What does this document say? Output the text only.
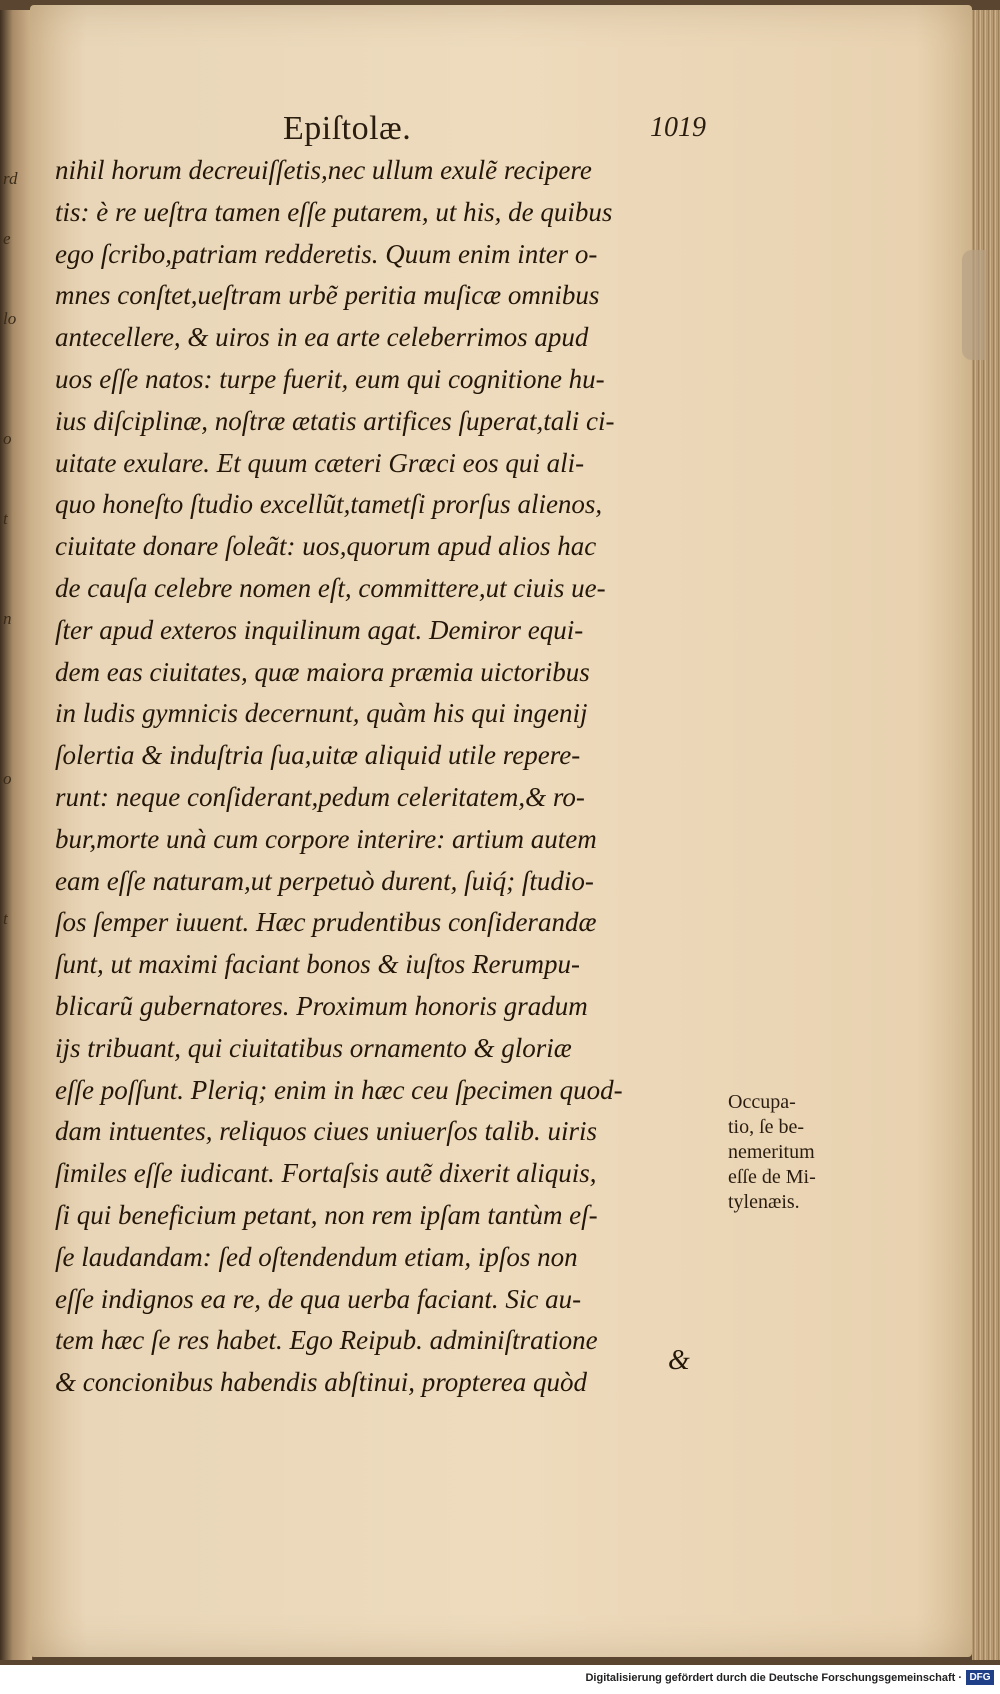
rd
e
lo
o
t
n
o
t
Epiſtolæ.	1019
nihil horum decreuiſſetis,nec ullum exulẽ recipere
tis: è re ueſtra tamen eſſe putarem, ut his, de quibus
ego ſcribo,patriam redderetis. Quum enim inter o-
mnes conſtet,ueſtram urbẽ peritia muſicæ omnibus
antecellere, & uiros in ea arte celeberrimos apud
uos eſſe natos: turpe fuerit, eum qui cognitione hu-
ius diſciplinæ, noſtræ ætatis artifices ſuperat,tali ci-
uitate exulare. Et quum cæteri Græci eos qui ali-
quo honeſto ſtudio excellũt,tametſi prorſus alienos,
ciuitate donare ſoleãt: uos,quorum apud alios hac
de cauſa celebre nomen eſt, committere,ut ciuis ue-
ſter apud exteros inquilinum agat. Demiror equi-
dem eas ciuitates, quæ maiora præmia uictoribus
in ludis gymnicis decernunt, quàm his qui ingenij
ſolertia & induſtria ſua,uitæ aliquid utile repere-
runt: neque conſiderant,pedum celeritatem,& ro-
bur,morte unà cum corpore interire: artium autem
eam eſſe naturam,ut perpetuò durent, ſuiq́; ſtudio-
ſos ſemper iuuent. Hæc prudentibus conſiderandæ
ſunt, ut maximi faciant bonos & iuſtos Rerumpu-
blicarũ gubernatores. Proximum honoris gradum
ijs tribuant, qui ciuitatibus ornamento & gloriæ
eſſe poſſunt. Pleriq; enim in hæc ceu ſpecimen quod-
dam intuentes, reliquos ciues uniuerſos talib. uiris
ſimiles eſſe iudicant. Fortaſsis autẽ dixerit aliquis,
ſi qui beneficium petant, non rem ipſam tantùm eſ-
ſe laudandam: ſed oſtendendum etiam, ipſos non
eſſe indignos ea re, de qua uerba faciant. Sic au-
tem hæc ſe res habet. Ego Reipub. adminiſtratione
& concionibus habendis abſtinui, propterea quòd
&
Occupa-
tio, ſe be-
nemeritum
eſſe de Mi-
tylenæis.
Digitalisierung gefördert durch die Deutsche Forschungsgemeinschaft · DFG
